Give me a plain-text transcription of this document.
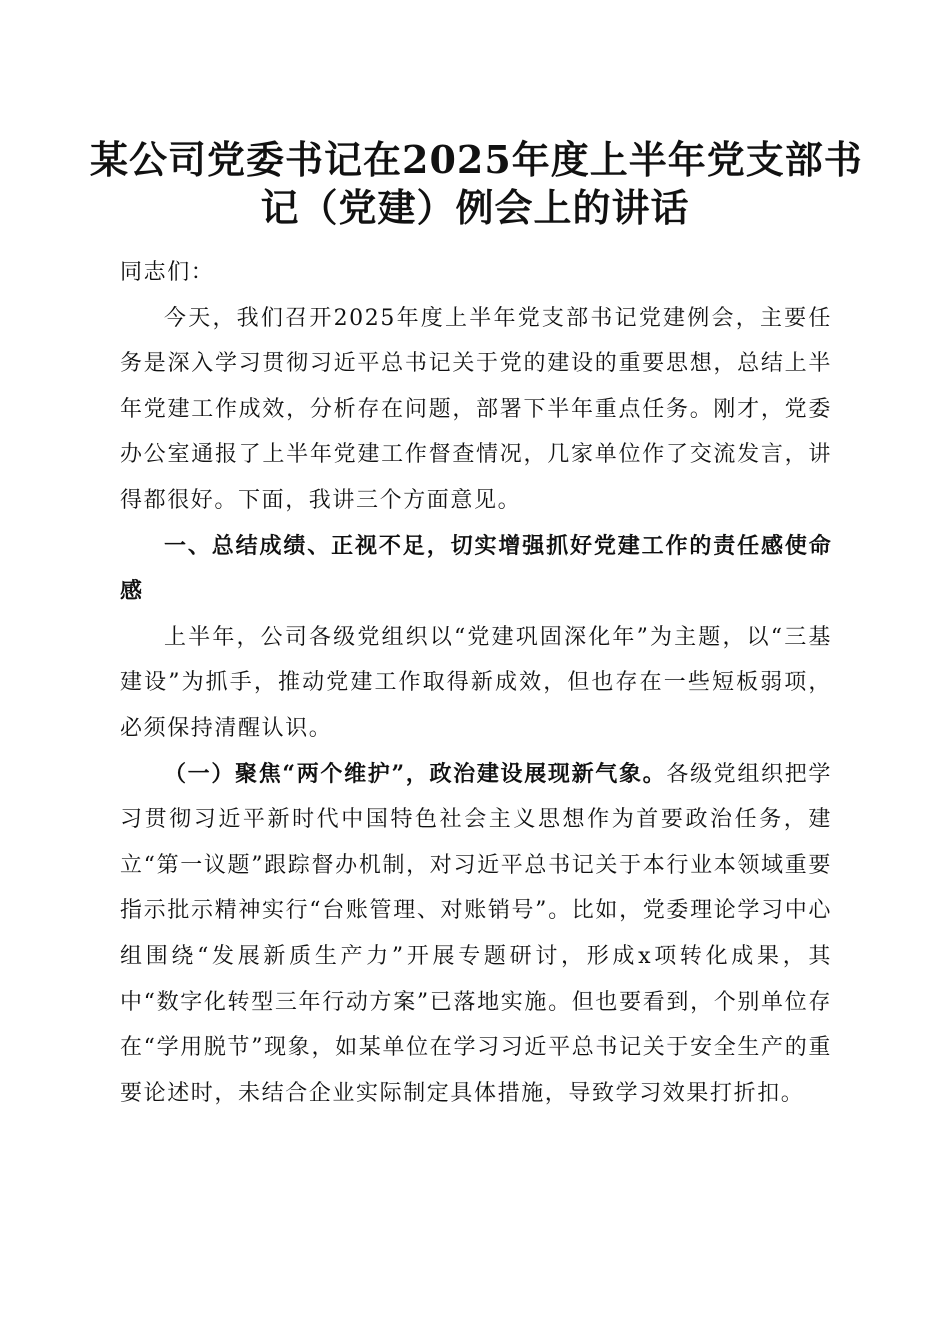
某公司党委书记在2025年度上半年党支部书
记（党建）例会上的讲话

同志们：

今天，我们召开2025年度上半年党支部书记党建例会，主要任务是深入学习贯彻习近平总书记关于党的建设的重要思想，总结上半年党建工作成效，分析存在问题，部署下半年重点任务。刚才，党委办公室通报了上半年党建工作督查情况，几家单位作了交流发言，讲得都很好。下面，我讲三个方面意见。

一、总结成绩、正视不足，切实增强抓好党建工作的责任感使命感

上半年，公司各级党组织以“党建巩固深化年”为主题，以“三基建设”为抓手，推动党建工作取得新成效，但也存在一些短板弱项，必须保持清醒认识。

（一）聚焦“两个维护”，政治建设展现新气象。各级党组织把学习贯彻习近平新时代中国特色社会主义思想作为首要政治任务，建立“第一议题”跟踪督办机制，对习近平总书记关于本行业本领域重要指示批示精神实行“台账管理、对账销号”。比如，党委理论学习中心组围绕“发展新质生产力”开展专题研讨，形成x项转化成果，其中“数字化转型三年行动方案”已落地实施。但也要看到，个别单位存在“学用脱节”现象，如某单位在学习习近平总书记关于安全生产的重要论述时，未结合企业实际制定具体措施，导致学习效果打折扣。
